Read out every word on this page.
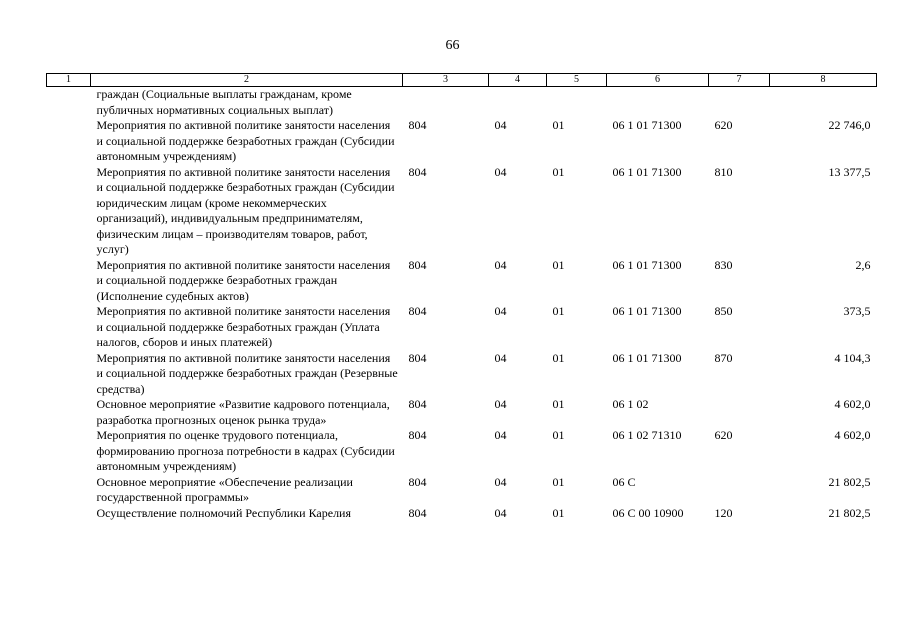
66
1	2	3	4	5	6	7	8
	граждан (Социальные выплаты гражданам, кроме публичных нормативных социальных выплат)						
	Мероприятия по активной политике занятости населения и социальной поддержке безработных граждан (Субсидии автономным учреждениям)	804	04	01	06 1 01 71300	620	22 746,0
	Мероприятия по активной политике занятости населения и социальной поддержке безработных граждан (Субсидии юридическим лицам (кроме некоммерческих организаций), индивидуальным предпринимателям, физическим лицам – производителям товаров, работ, услуг)	804	04	01	06 1 01 71300	810	13 377,5
	Мероприятия по активной политике занятости населения и социальной поддержке безработных граждан (Исполнение судебных актов)	804	04	01	06 1 01 71300	830	2,6
	Мероприятия по активной политике занятости населения и социальной поддержке безработных граждан (Уплата налогов, сборов и иных платежей)	804	04	01	06 1 01 71300	850	373,5
	Мероприятия по активной политике занятости населения и социальной поддержке безработных граждан (Резервные средства)	804	04	01	06 1 01 71300	870	4 104,3
	Основное мероприятие «Развитие кадрового потенциала, разработка прогнозных оценок рынка труда»	804	04	01	06 1 02		4 602,0
	Мероприятия по оценке трудового потенциала, формированию прогноза потребности в кадрах (Субсидии автономным учреждениям)	804	04	01	06 1 02 71310	620	4 602,0
	Основное мероприятие «Обеспечение реализации государственной программы»	804	04	01	06 С		21 802,5
	Осуществление полномочий Республики Карелия	804	04	01	06 С 00 10900	120	21 802,5
